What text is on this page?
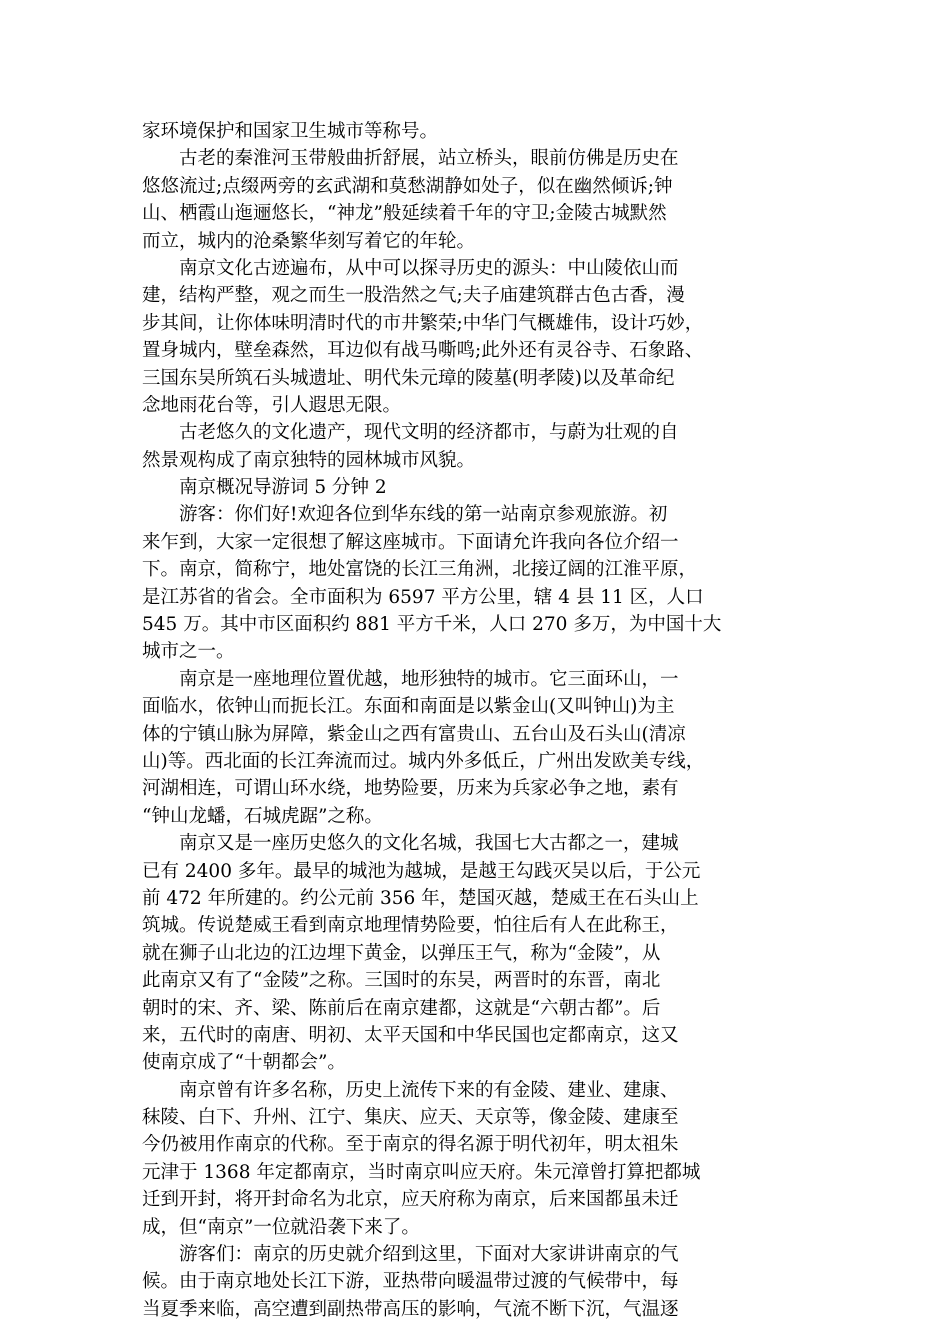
家环境保护和国家卫生城市等称号。
古老的秦淮河玉带般曲折舒展，站立桥头，眼前仿佛是历史在
悠悠流过;点缀两旁的玄武湖和莫愁湖静如处子，似在幽然倾诉;钟
山、栖霞山迤逦悠长，“神龙”般延续着千年的守卫;金陵古城默然
而立，城内的沧桑繁华刻写着它的年轮。
南京文化古迹遍布，从中可以探寻历史的源头：中山陵依山而
建，结构严整，观之而生一股浩然之气;夫子庙建筑群古色古香，漫
步其间，让你体味明清时代的市井繁荣;中华门气概雄伟，设计巧妙，
置身城内，壁垒森然，耳边似有战马嘶鸣;此外还有灵谷寺、石象路、
三国东吴所筑石头城遗址、明代朱元璋的陵墓(明孝陵)以及革命纪
念地雨花台等，引人遐思无限。
古老悠久的文化遗产，现代文明的经济都市，与蔚为壮观的自
然景观构成了南京独特的园林城市风貌。
南京概况导游词 5 分钟 2
游客：你们好!欢迎各位到华东线的第一站南京参观旅游。初
来乍到，大家一定很想了解这座城市。下面请允许我向各位介绍一
下。南京，简称宁，地处富饶的长江三角洲，北接辽阔的江淮平原，
是江苏省的省会。全市面积为 6597 平方公里，辖 4 县 11 区，人口
545 万。其中市区面积约 881 平方千米，人口 270 多万，为中国十大
城市之一。
南京是一座地理位置优越，地形独特的城市。它三面环山，一
面临水，依钟山而扼长江。东面和南面是以紫金山(又叫钟山)为主
体的宁镇山脉为屏障，紫金山之西有富贵山、五台山及石头山(清凉
山)等。西北面的长江奔流而过。城内外多低丘，广州出发欧美专线，
河湖相连，可谓山环水绕，地势险要，历来为兵家必争之地，素有
“钟山龙蟠，石城虎踞”之称。
南京又是一座历史悠久的文化名城，我国七大古都之一，建城
已有 2400 多年。最早的城池为越城，是越王勾践灭吴以后，于公元
前 472 年所建的。约公元前 356 年，楚国灭越，楚威王在石头山上
筑城。传说楚威王看到南京地理情势险要，怕往后有人在此称王，
就在狮子山北边的江边埋下黄金，以弹压王气，称为“金陵”，从
此南京又有了“金陵”之称。三国时的东吴，两晋时的东晋，南北
朝时的宋、齐、梁、陈前后在南京建都，这就是“六朝古都”。后
来，五代时的南唐、明初、太平天国和中华民国也定都南京，这又
使南京成了“十朝都会”。
南京曾有许多名称，历史上流传下来的有金陵、建业、建康、
秣陵、白下、升州、江宁、集庆、应天、天京等，像金陵、建康至
今仍被用作南京的代称。至于南京的得名源于明代初年，明太祖朱
元津于 1368 年定都南京，当时南京叫应天府。朱元漳曾打算把都城
迁到开封，将开封命名为北京，应天府称为南京，后来国都虽未迁
成，但“南京”一位就沿袭下来了。
游客们：南京的历史就介绍到这里，下面对大家讲讲南京的气
候。由于南京地处长江下游，亚热带向暖温带过渡的气候带中，每
当夏季来临，高空遭到副热带高压的影响，气流不断下沉，气温逐
